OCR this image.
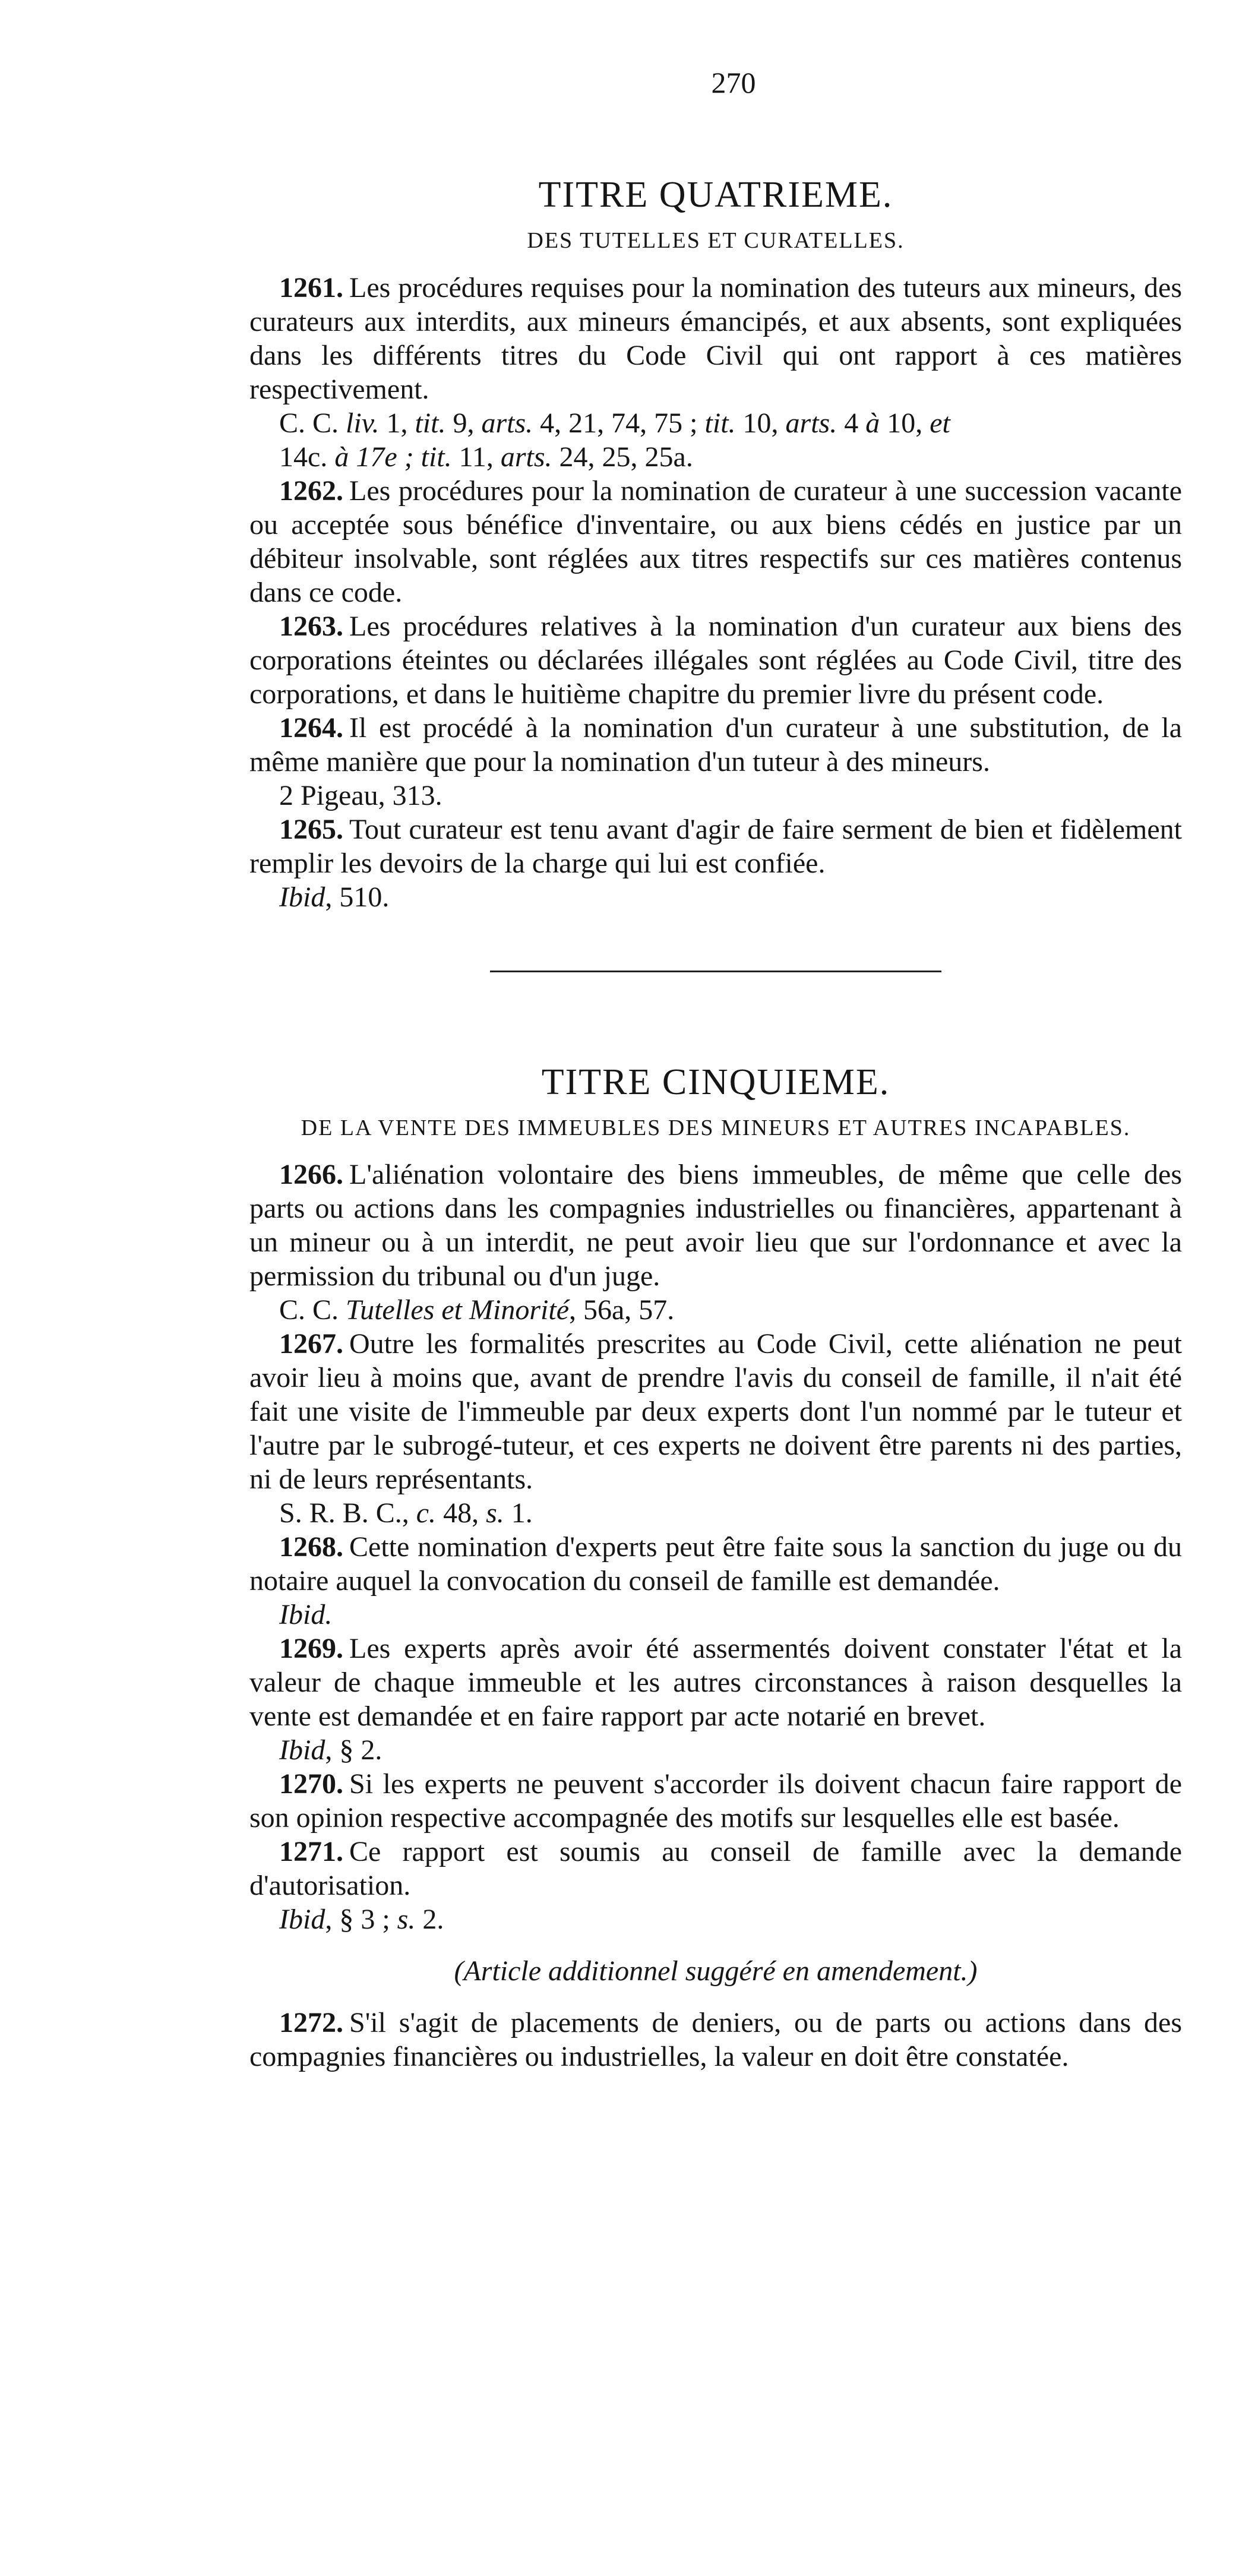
270
TITRE QUATRIEME.
DES TUTELLES ET CURATELLES.

1261. Les procédures requises pour la nomination des tuteurs aux mineurs, des curateurs aux interdits, aux mineurs émancipés, et aux absents, sont expliquées dans les différents titres du Code Civil qui ont rapport à ces matières respectivement.

C. C. liv. 1, tit. 9, arts. 4, 21, 74, 75 ; tit. 10, arts. 4 à 10, et
14c. à 17e ; tit. 11, arts. 24, 25, 25a.

1262. Les procédures pour la nomination de curateur à une succession vacante ou acceptée sous bénéfice d'inventaire, ou aux biens cédés en justice par un débiteur insolvable, sont réglées aux titres respectifs sur ces matières contenus dans ce code.

1263. Les procédures relatives à la nomination d'un curateur aux biens des corporations éteintes ou déclarées illégales sont réglées au Code Civil, titre des corporations, et dans le huitième chapitre du premier livre du présent code.

1264. Il est procédé à la nomination d'un curateur à une substitution, de la même manière que pour la nomination d'un tuteur à des mineurs.

2 Pigeau, 313.

1265. Tout curateur est tenu avant d'agir de faire serment de bien et fidèlement remplir les devoirs de la charge qui lui est confiée.

Ibid, 510.

TITRE CINQUIEME.
DE LA VENTE DES IMMEUBLES DES MINEURS ET AUTRES INCAPABLES.

1266. L'aliénation volontaire des biens immeubles, de même que celle des parts ou actions dans les compagnies industrielles ou financières, appartenant à un mineur ou à un interdit, ne peut avoir lieu que sur l'ordonnance et avec la permission du tribunal ou d'un juge.

C. C. Tutelles et Minorité, 56a, 57.

1267. Outre les formalités prescrites au Code Civil, cette aliénation ne peut avoir lieu à moins que, avant de prendre l'avis du conseil de famille, il n'ait été fait une visite de l'immeuble par deux experts dont l'un nommé par le tuteur et l'autre par le subrogé-tuteur, et ces experts ne doivent être parents ni des parties, ni de leurs représentants.

S. R. B. C., c. 48, s. 1.

1268. Cette nomination d'experts peut être faite sous la sanction du juge ou du notaire auquel la convocation du conseil de famille est demandée.

Ibid.

1269. Les experts après avoir été assermentés doivent constater l'état et la valeur de chaque immeuble et les autres circonstances à raison desquelles la vente est demandée et en faire rapport par acte notarié en brevet.

Ibid, § 2.

1270. Si les experts ne peuvent s'accorder ils doivent chacun faire rapport de son opinion respective accompagnée des motifs sur lesquelles elle est basée.

1271. Ce rapport est soumis au conseil de famille avec la demande d'autorisation.

Ibid, § 3 ; s. 2.

(Article additionnel suggéré en amendement.)

1272. S'il s'agit de placements de deniers, ou de parts ou actions dans des compagnies financières ou industrielles, la valeur en doit être constatée.
